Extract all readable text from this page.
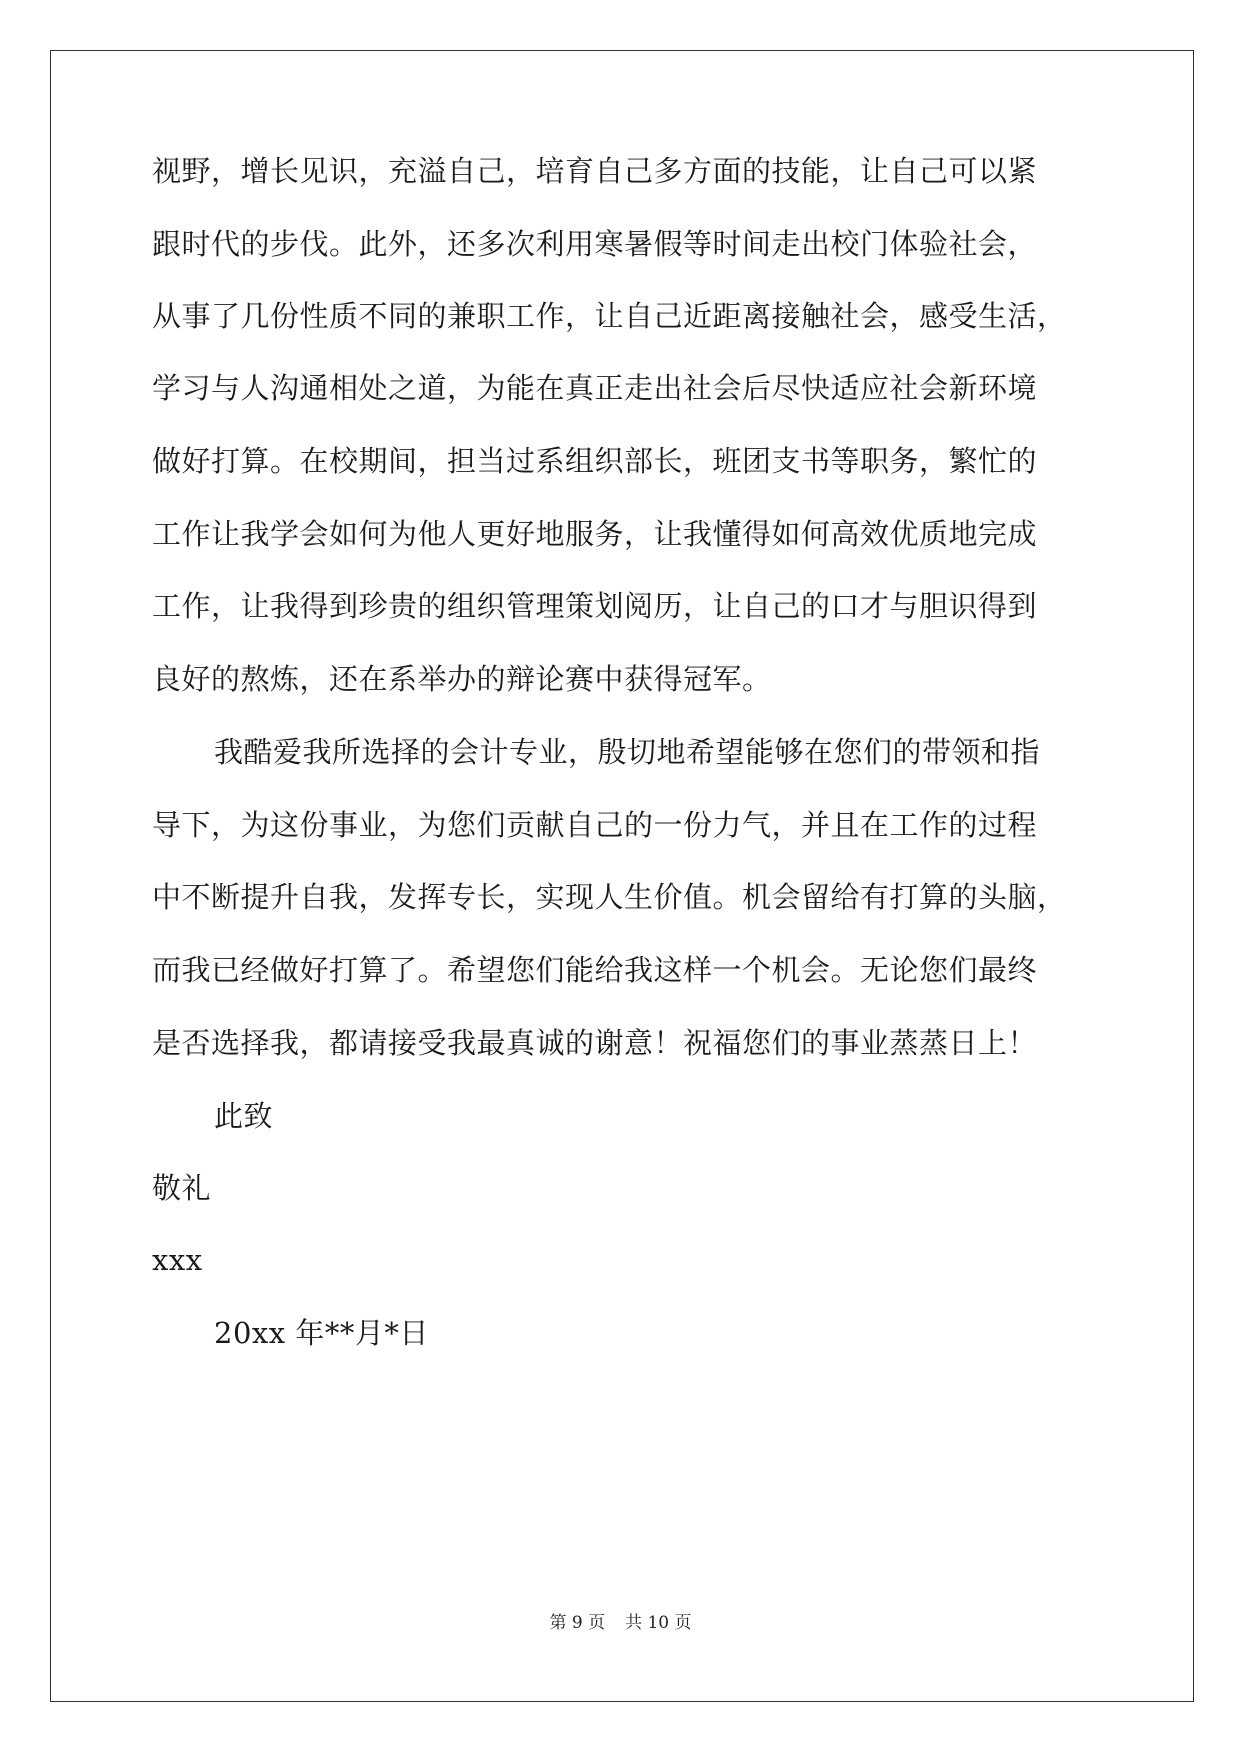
视野，增长见识，充溢自己，培育自己多方面的技能，让自己可以紧
跟时代的步伐。此外，还多次利用寒暑假等时间走出校门体验社会，
从事了几份性质不同的兼职工作，让自己近距离接触社会，感受生活，
学习与人沟通相处之道，为能在真正走出社会后尽快适应社会新环境
做好打算。在校期间，担当过系组织部长，班团支书等职务，繁忙的
工作让我学会如何为他人更好地服务，让我懂得如何高效优质地完成
工作，让我得到珍贵的组织管理策划阅历，让自己的口才与胆识得到
良好的熬炼，还在系举办的辩论赛中获得冠军。
我酷爱我所选择的会计专业，殷切地希望能够在您们的带领和指
导下，为这份事业，为您们贡献自己的一份力气，并且在工作的过程
中不断提升自我，发挥专长，实现人生价值。机会留给有打算的头脑，
而我已经做好打算了。希望您们能给我这样一个机会。无论您们最终
是否选择我，都请接受我最真诚的谢意！祝福您们的事业蒸蒸日上！
此致
敬礼
xxx
20xx 年**月*日
第 9 页 共 10 页
